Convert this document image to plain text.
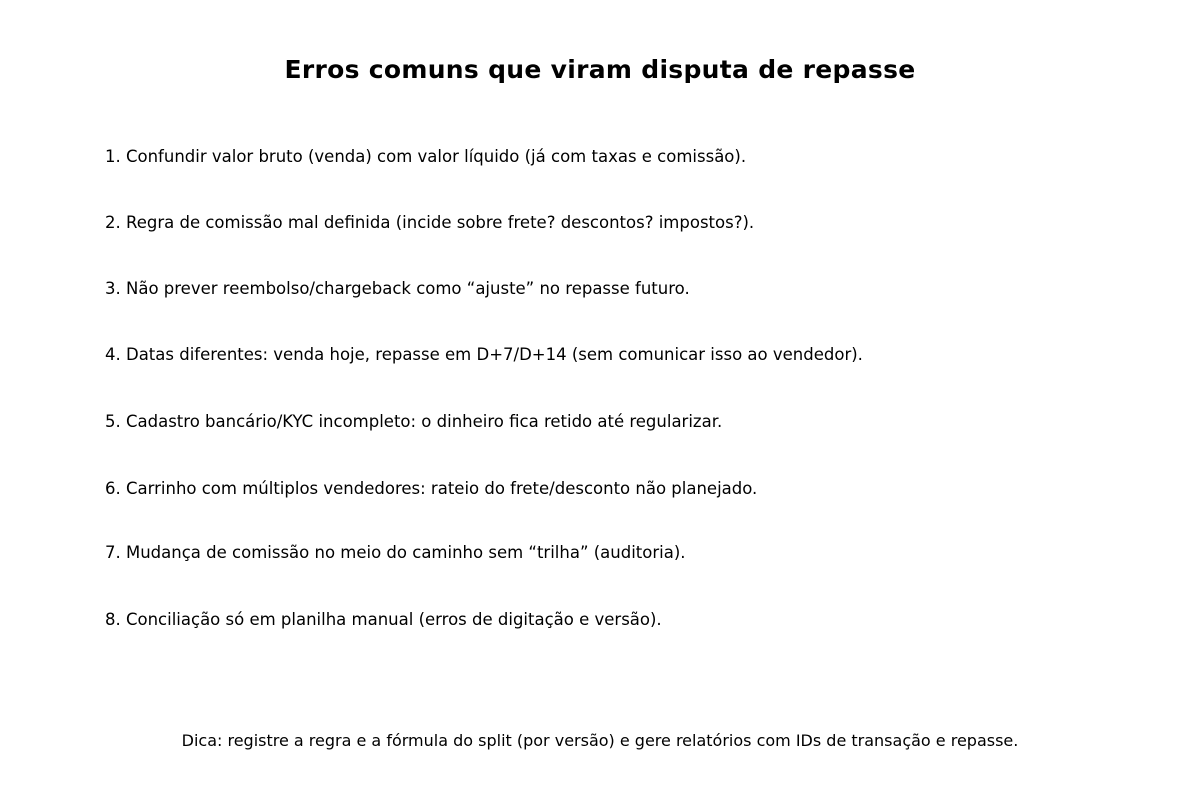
Erros comuns que viram disputa de repasse
1. Confundir valor bruto (venda) com valor líquido (já com taxas e comissão).
2. Regra de comissão mal definida (incide sobre frete? descontos? impostos?).
3. Não prever reembolso/chargeback como “ajuste” no repasse futuro.
4. Datas diferentes: venda hoje, repasse em D+7/D+14 (sem comunicar isso ao vendedor).
5. Cadastro bancário/KYC incompleto: o dinheiro fica retido até regularizar.
6. Carrinho com múltiplos vendedores: rateio do frete/desconto não planejado.
7. Mudança de comissão no meio do caminho sem “trilha” (auditoria).
8. Conciliação só em planilha manual (erros de digitação e versão).
Dica: registre a regra e a fórmula do split (por versão) e gere relatórios com IDs de transação e repasse.
